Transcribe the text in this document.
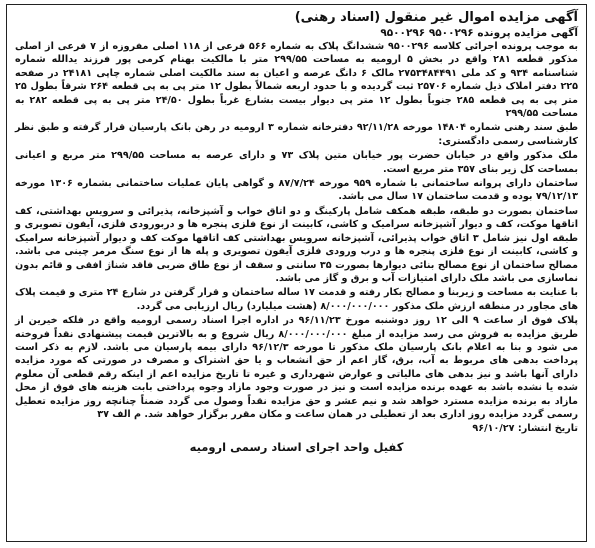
آگهی مزایده اموال غیر منقول (اسناد رهنی)
آگهی مزایده پرونده ۹۵۰۰۲۹۶ ۹۵۰۰۲۹۶
به موجب پرونده اجرائی کلاسه ۹۵۰۰۲۹۶ ششدانگ پلاک به شماره ۵۶۶ فرعی از ۱۱۸ اصلی مفروزه از ۷ فرعی از اصلی مذکور قطعه ۲۸۱ واقع در بخش ۵ ارومیه به مساحت ۲۹۹/۵۵ متر با مالکیت بهنام کرمی پور فرزند یدالله شماره شناسنامه ۹۳۴ و کد ملی ۲۷۵۳۴۸۴۴۹۱ مالک ۶ دانگ عرصه و اعیان به سند مالکیت اصلی شماره چاپی ۲۴۱۸۱ در صفحه ۲۲۵ دفتر املاک ذیل شماره ۲۵۷۰۶ ثبت گردیده و با حدود اربعه شمالاً بطول ۱۲ متر پی به پی قطعه ۲۶۴ شرقاً بطول ۲۵ متر پی به پی قطعه ۲۸۵ جنوباً بطول ۱۲ متر پی دیوار بیست بشارع غرباً بطول ۲۴/۵۰ متر پی به پی قطعه ۲۸۲ به مساحت ۲۹۹/۵۵
طبق سند رهنی شماره ۱۴۸۰۴ مورخه ۹۲/۱۱/۲۸ دفترخانه شماره ۳ ارومیه در رهن بانک پارسیان قرار گرفته و طبق نظر کارشناسی رسمی دادگستری:
ملک مذکور واقع در خیابان حضرت پور خیابان متین پلاک ۷۳ و دارای عرصه به مساحت ۲۹۹/۵۵ متر مربع و اعیانی بمساحت کل زیر بنای ۳۵۷ متر مربع است.
ساختمان دارای پروانه ساختمانی با شماره ۹۵۹ مورخه ۸۷/۷/۲۴ و گواهی پایان عملیات ساختمانی بشماره ۱۳۰۶ مورخه ۷۹/۱۲/۱۳ بوده و قدمت ساختمان ۱۷ سال می باشد.
ساختمان بصورت دو طبقه، طبقه همکف شامل پارکینگ و دو اتاق خواب و آشپزخانه، پذیرائی و سرویس بهداشتی، کف اتاقها موکت، کف و دیوار آشپزخانه سرامیک و کاشی، کابینت از نوع فلزی پنجره ها و دربورودی فلزی، آیفون تصویری و طبقه اول نیز شامل ۳ اتاق خواب پذیرائی، آشپزخانه سرویس بهداشتی کف اتاقها موکت کف و دیوار آشپزخانه سرامیک و کاشی، کابینت از نوع فلزی پنجره ها و درب ورودی فلزی آیفون تصویری و پله ها از نوع سنگ مرمر چینی می باشد. مصالح ساختمان از نوع مصالح بنائی دیوارها بصورت ۳۵ سانتی و سقف از نوع طاق ضربی فاقد شناژ افقی و قائم بدون نماسازی می باشد ملک دارای امتیازات آب و برق و گاز می باشد.
با عنایت به مساحت و زیربنا و مصالح بکار رفته و قدمت ۱۷ ساله ساختمان و قرار گرفتن در شارع ۲۴ متری و قیمت پلاک های مجاور در منطقه ارزش ملک مذکور ۸/۰۰۰/۰۰۰/۰۰۰ (هشت میلیارد) ریال ارزیابی می گردد.
پلاک فوق از ساعت ۹ الی ۱۲ روز دوشنبه مورخ ۹۶/۱۱/۲۳ در اداره اجرا اسناد رسمی ارومیه واقع در فلکه خیرین از طریق مزایده به فروش می رسد مزایده از مبلغ ۸/۰۰۰/۰۰۰/۰۰۰ ریال شروع و به بالاترین قیمت پیشنهادی نقداً فروخته می شود و بنا به اعلام بانک پارسیان ملک مذکور تا مورخه ۹۶/۱۲/۳ دارای بیمه پارسیان می باشد. لازم به ذکر است پرداخت بدهی های مربوط به آب، برق، گاز اعم از حق انشعاب و یا حق اشتراک و مصرف در صورتی که مورد مزایده دارای آنها باشد و نیز بدهی های مالیاتی و عوارض شهرداری و غیره تا تاریخ مزایده اعم از اینکه رقم قطعی آن معلوم شده یا نشده باشد به عهده برنده مزایده است و نیز در صورت وجود مازاد وجوه پرداختی بابت هزینه های فوق از محل مازاد به برنده مزایده مسترد خواهد شد و نیم عشر و حق مزایده نقداً وصول می گردد ضمناً چنانچه روز مزایده تعطیل رسمی گردد مزایده روز اداری بعد از تعطیلی در همان ساعت و مکان مقرر برگزار خواهد شد. م الف ۳۷
تاریخ انتشار: ۹۶/۱۰/۲۷
کفیل واحد اجرای اسناد رسمی ارومیه
